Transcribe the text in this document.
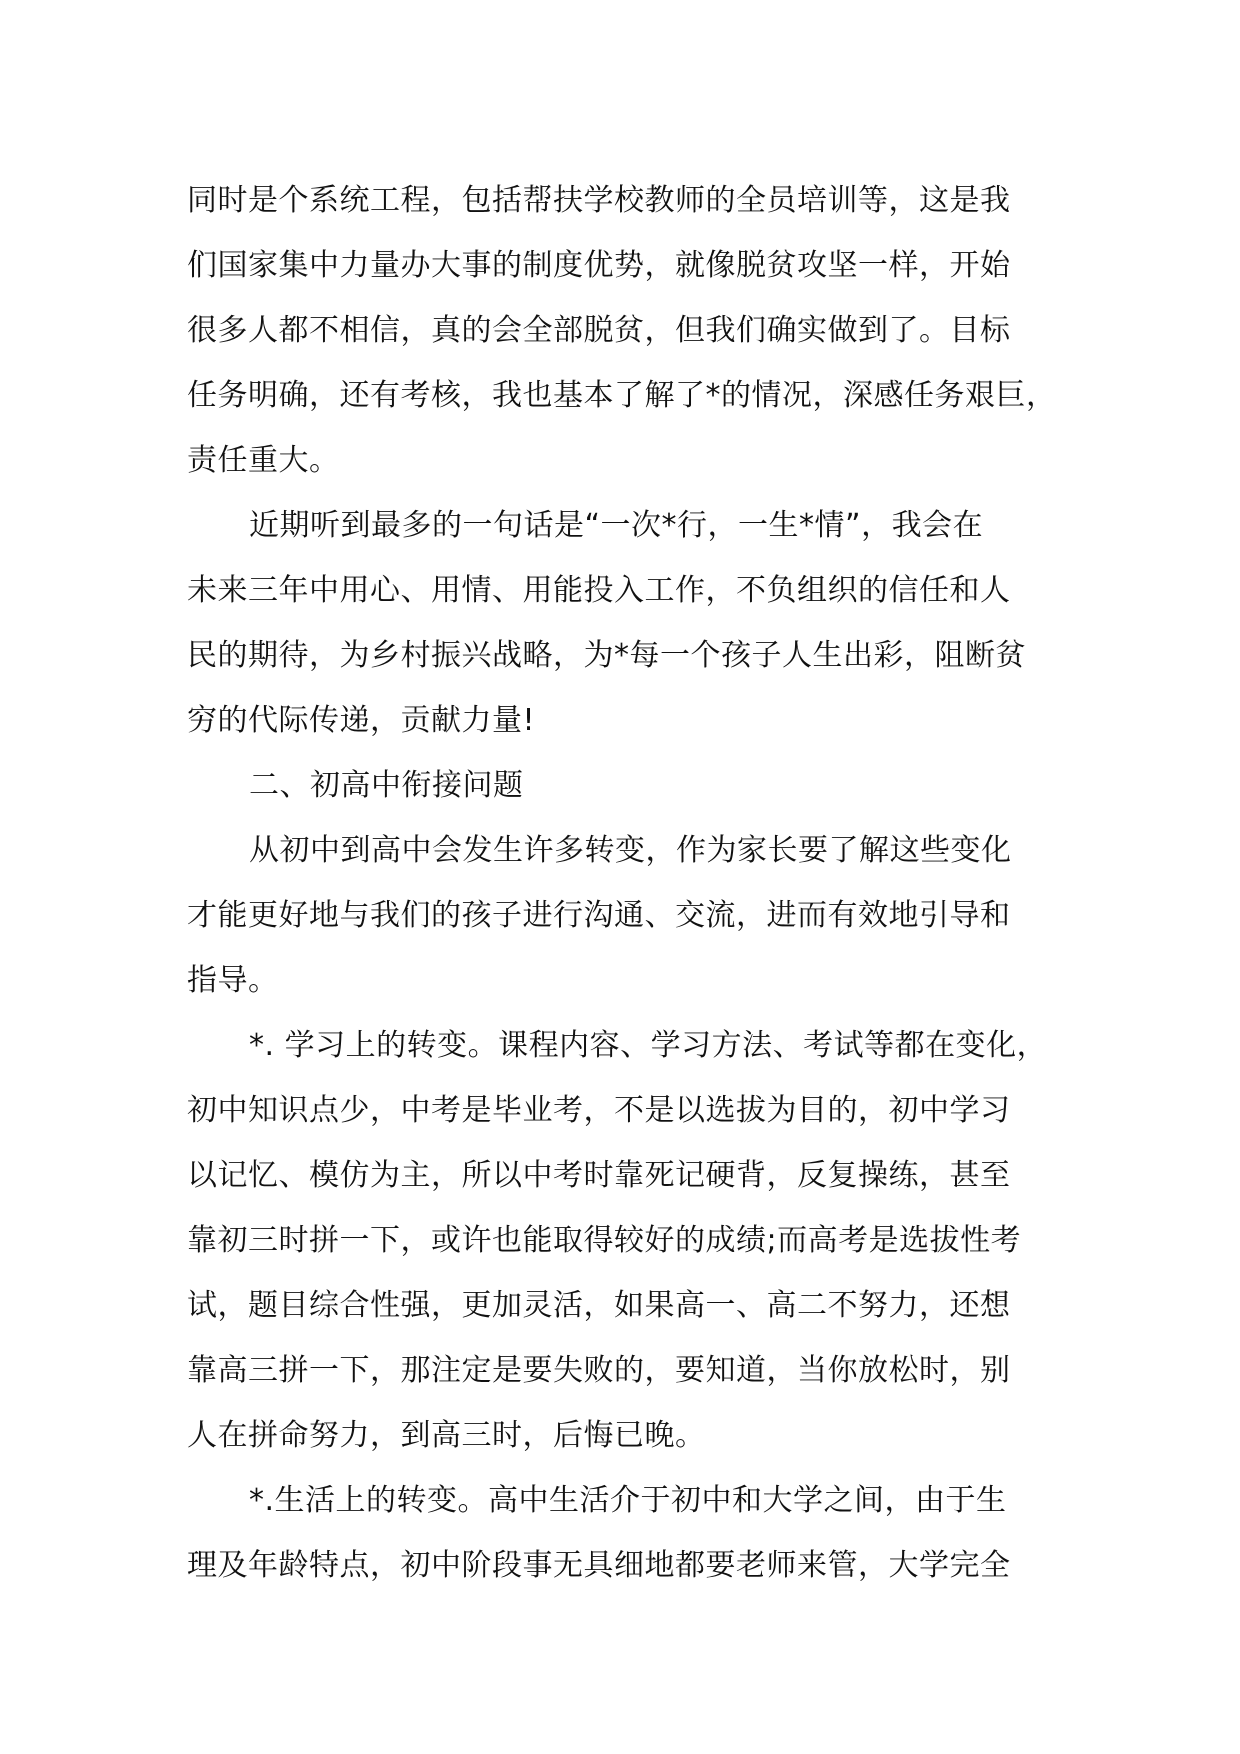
同时是个系统工程，包括帮扶学校教师的全员培训等，这是我
们国家集中力量办大事的制度优势，就像脱贫攻坚一样，开始
很多人都不相信，真的会全部脱贫，但我们确实做到了。目标
任务明确，还有考核，我也基本了解了*的情况，深感任务艰巨，
责任重大。
近期听到最多的一句话是“一次*行，一生*情”，我会在
未来三年中用心、用情、用能投入工作，不负组织的信任和人
民的期待，为乡村振兴战略，为*每一个孩子人生出彩，阻断贫
穷的代际传递，贡献力量!
二、初高中衔接问题
从初中到高中会发生许多转变，作为家长要了解这些变化
才能更好地与我们的孩子进行沟通、交流，进而有效地引导和
指导。
*. 学习上的转变。课程内容、学习方法、考试等都在变化，
初中知识点少，中考是毕业考，不是以选拔为目的，初中学习
以记忆、模仿为主，所以中考时靠死记硬背，反复操练，甚至
靠初三时拼一下，或许也能取得较好的成绩;而高考是选拔性考
试，题目综合性强，更加灵活，如果高一、高二不努力，还想
靠高三拼一下，那注定是要失败的，要知道，当你放松时，别
人在拼命努力，到高三时，后悔已晚。
*.生活上的转变。高中生活介于初中和大学之间，由于生
理及年龄特点，初中阶段事无具细地都要老师来管，大学完全
